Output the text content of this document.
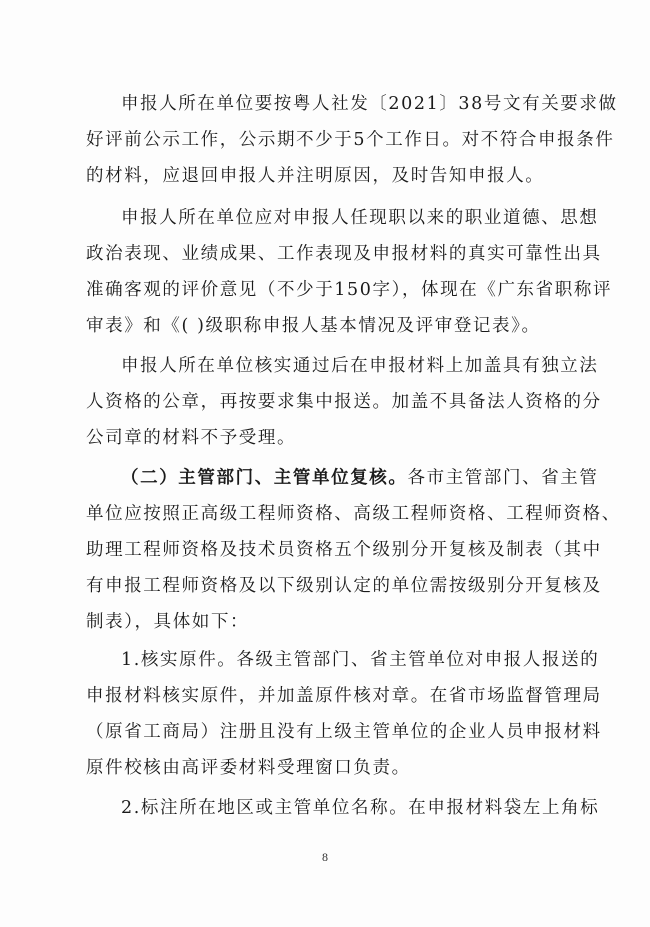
申报人所在单位要按粤人社发〔2021〕38号文有关要求做
好评前公示工作，公示期不少于5个工作日。对不符合申报条件
的材料，应退回申报人并注明原因，及时告知申报人。

申报人所在单位应对申报人任现职以来的职业道德、思想
政治表现、业绩成果、工作表现及申报材料的真实可靠性出具
准确客观的评价意见（不少于150字），体现在《广东省职称评
审表》和《( )级职称申报人基本情况及评审登记表》。

申报人所在单位核实通过后在申报材料上加盖具有独立法
人资格的公章，再按要求集中报送。加盖不具备法人资格的分
公司章的材料不予受理。

（二）主管部门、主管单位复核。各市主管部门、省主管
单位应按照正高级工程师资格、高级工程师资格、工程师资格、
助理工程师资格及技术员资格五个级别分开复核及制表（其中
有申报工程师资格及以下级别认定的单位需按级别分开复核及
制表），具体如下：

1.核实原件。各级主管部门、省主管单位对申报人报送的
申报材料核实原件，并加盖原件核对章。在省市场监督管理局
（原省工商局）注册且没有上级主管单位的企业人员申报材料
原件校核由高评委材料受理窗口负责。

2.标注所在地区或主管单位名称。在申报材料袋左上角标

8
